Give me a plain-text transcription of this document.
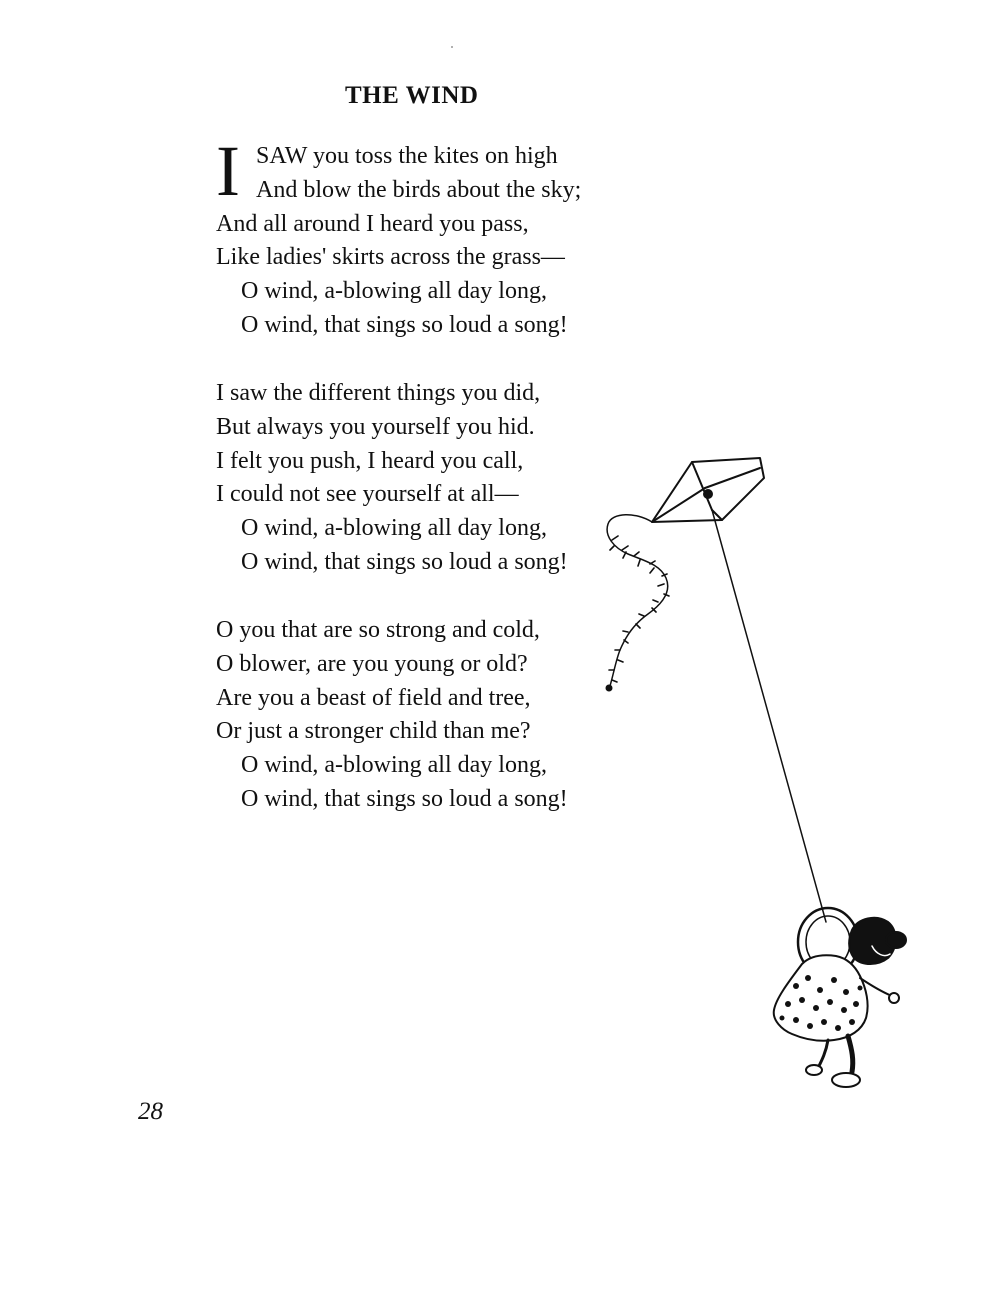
THE WIND
I SAW you toss the kites on high
And blow the birds about the sky;
And all around I heard you pass,
Like ladies' skirts across the grass—
O wind, a-blowing all day long,
O wind, that sings so loud a song!
I saw the different things you did,
But always you yourself you hid.
I felt you push, I heard you call,
I could not see yourself at all—
O wind, a-blowing all day long,
O wind, that sings so loud a song!
O you that are so strong and cold,
O blower, are you young or old?
Are you a beast of field and tree,
Or just a stronger child than me?
O wind, a-blowing all day long,
O wind, that sings so loud a song!
28
